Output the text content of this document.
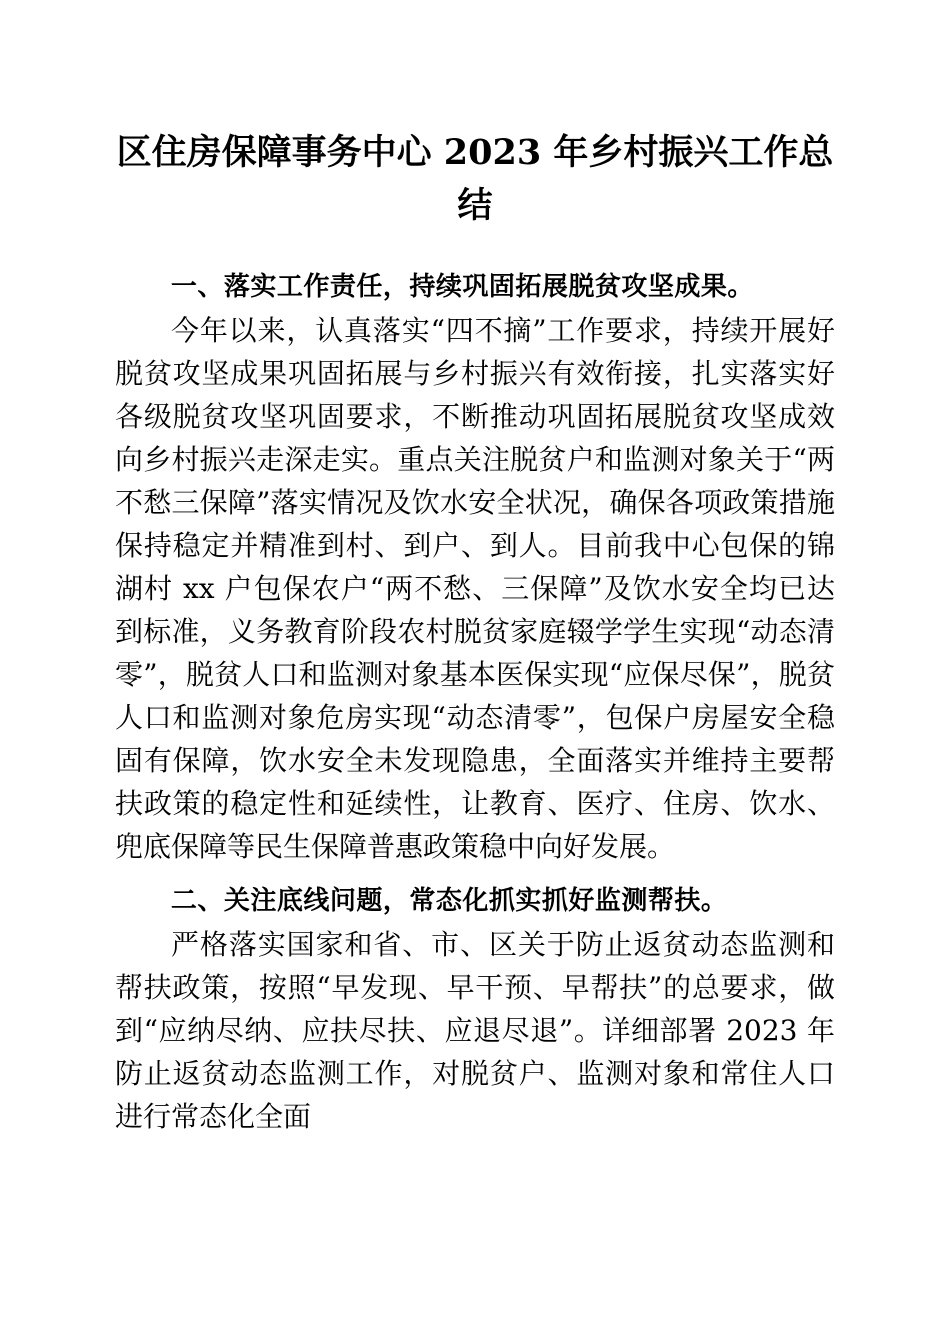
区住房保障事务中心 2023 年乡村振兴工作总结
一、落实工作责任，持续巩固拓展脱贫攻坚成果。

今年以来，认真落实“四不摘”工作要求，持续开展好脱贫攻坚成果巩固拓展与乡村振兴有效衔接，扎实落实好各级脱贫攻坚巩固要求，不断推动巩固拓展脱贫攻坚成效向乡村振兴走深走实。重点关注脱贫户和监测对象关于“两不愁三保障”落实情况及饮水安全状况，确保各项政策措施保持稳定并精准到村、到户、到人。目前我中心包保的锦湖村 xx 户包保农户“两不愁、三保障”及饮水安全均已达到标准，义务教育阶段农村脱贫家庭辍学学生实现“动态清零”，脱贫人口和监测对象基本医保实现“应保尽保”，脱贫人口和监测对象危房实现“动态清零”，包保户房屋安全稳固有保障，饮水安全未发现隐患，全面落实并维持主要帮扶政策的稳定性和延续性，让教育、医疗、住房、饮水、兜底保障等民生保障普惠政策稳中向好发展。

二、关注底线问题，常态化抓实抓好监测帮扶。

严格落实国家和省、市、区关于防止返贫动态监测和帮扶政策，按照“早发现、早干预、早帮扶”的总要求，做到“应纳尽纳、应扶尽扶、应退尽退”。详细部署 2023 年防止返贫动态监测工作，对脱贫户、监测对象和常住人口进行常态化全面
